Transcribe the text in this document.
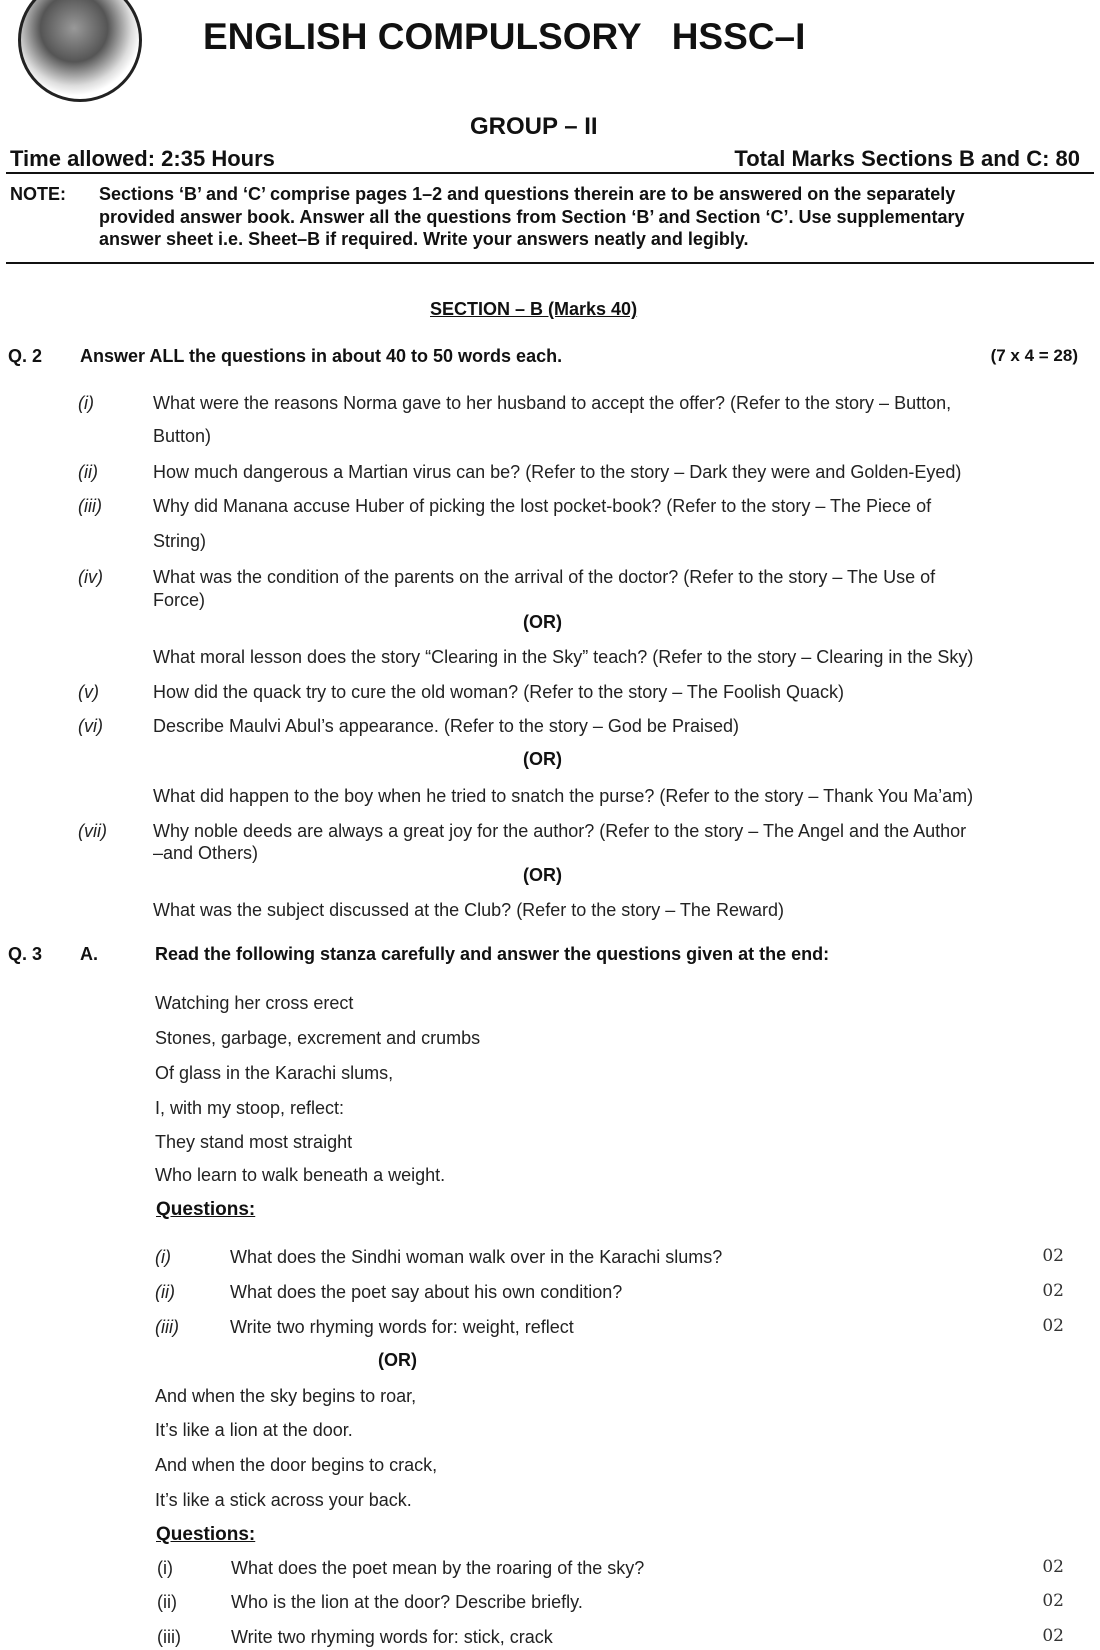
ENGLISH COMPULSORY   HSSC–I
GROUP – II
Time allowed: 2:35 Hours	Total Marks Sections B and C: 80
NOTE: Sections ‘B’ and ‘C’ comprise pages 1–2 and questions therein are to be answered on the separately
provided answer book. Answer all the questions from Section ‘B’ and Section ‘C’. Use supplementary
answer sheet i.e. Sheet–B if required. Write your answers neatly and legibly.
SECTION – B (Marks 40)
Q. 2 Answer ALL the questions in about 40 to 50 words each.	(7 x 4 = 28)
(i)	What were the reasons Norma gave to her husband to accept the offer? (Refer to the story – Button,
Button)
(ii)	How much dangerous a Martian virus can be? (Refer to the story – Dark they were and Golden-Eyed)
(iii)	Why did Manana accuse Huber of picking the lost pocket-book? (Refer to the story – The Piece of
String)
(iv)	What was the condition of the parents on the arrival of the doctor? (Refer to the story – The Use of
Force)
(OR)
What moral lesson does the story “Clearing in the Sky” teach? (Refer to the story – Clearing in the Sky)
(v)	How did the quack try to cure the old woman? (Refer to the story – The Foolish Quack)
(vi)	Describe Maulvi Abul’s appearance. (Refer to the story – God be Praised)
(OR)
What did happen to the boy when he tried to snatch the purse? (Refer to the story – Thank You Ma’am)
(vii)	Why noble deeds are always a great joy for the author? (Refer to the story – The Angel and the Author
–and Others)
(OR)
What was the subject discussed at the Club? (Refer to the story – The Reward)
Q. 3 A.	Read the following stanza carefully and answer the questions given at the end:
Watching her cross erect
Stones, garbage, excrement and crumbs
Of glass in the Karachi slums,
I, with my stoop, reflect:
They stand most straight
Who learn to walk beneath a weight.
Questions:
(i)	What does the Sindhi woman walk over in the Karachi slums?	02
(ii)	What does the poet say about his own condition?	02
(iii)	Write two rhyming words for: weight, reflect	02
(OR)
And when the sky begins to roar,
It’s like a lion at the door.
And when the door begins to crack,
It’s like a stick across your back.
Questions:
(i)	What does the poet mean by the roaring of the sky?	02
(ii)	Who is the lion at the door? Describe briefly.	02
(iii)	Write two rhyming words for: stick, crack	02
